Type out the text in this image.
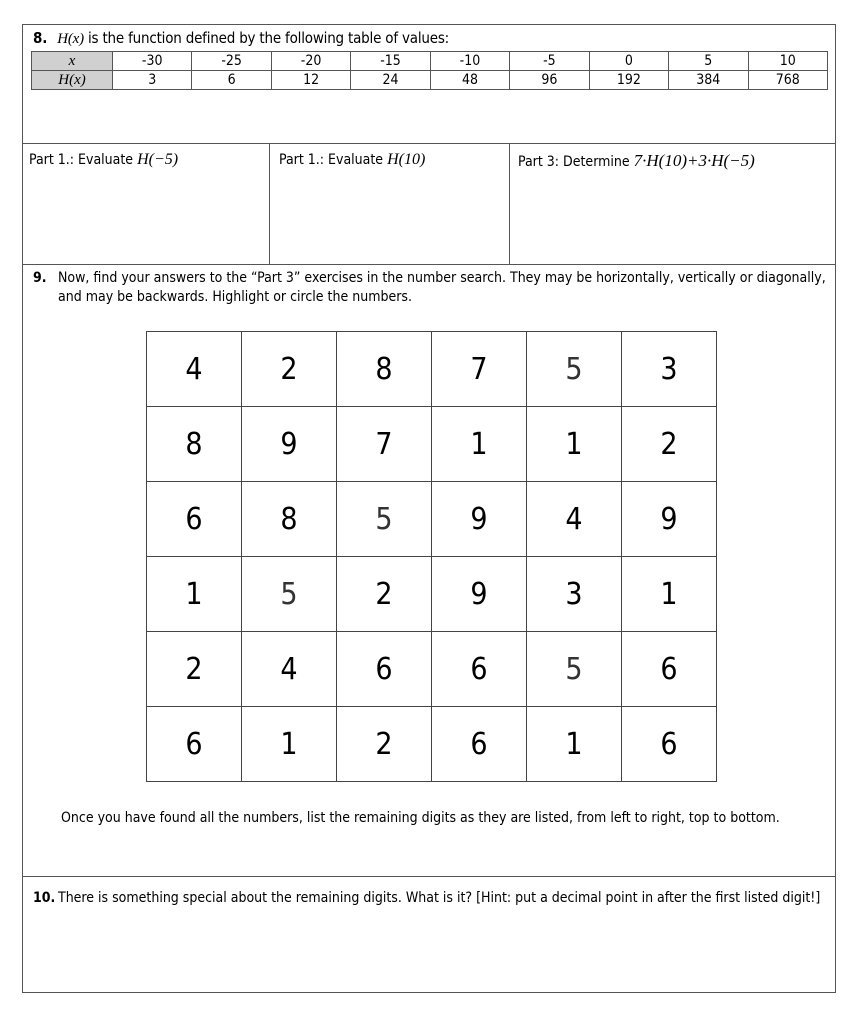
8. H(x) is the function defined by the following table of values:
x	-30	-25	-20	-15	-10	-5	0	5	10
H(x)	3	6	12	24	48	96	192	384	768
Part 1.: Evaluate H(−5)	Part 1.: Evaluate H(10)	Part 3: Determine 7·H(10)+3·H(−5)
9. Now, find your answers to the “Part 3” exercises in the number search. They may be horizontally, vertically or diagonally, and may be backwards. Highlight or circle the numbers.
4	2	8	7	5	3
8	9	7	1	1	2
6	8	5	9	4	9
1	5	2	9	3	1
2	4	6	6	5	6
6	1	2	6	1	6
Once you have found all the numbers, list the remaining digits as they are listed, from left to right, top to bottom.
10. There is something special about the remaining digits. What is it? [Hint: put a decimal point in after the first listed digit!]
